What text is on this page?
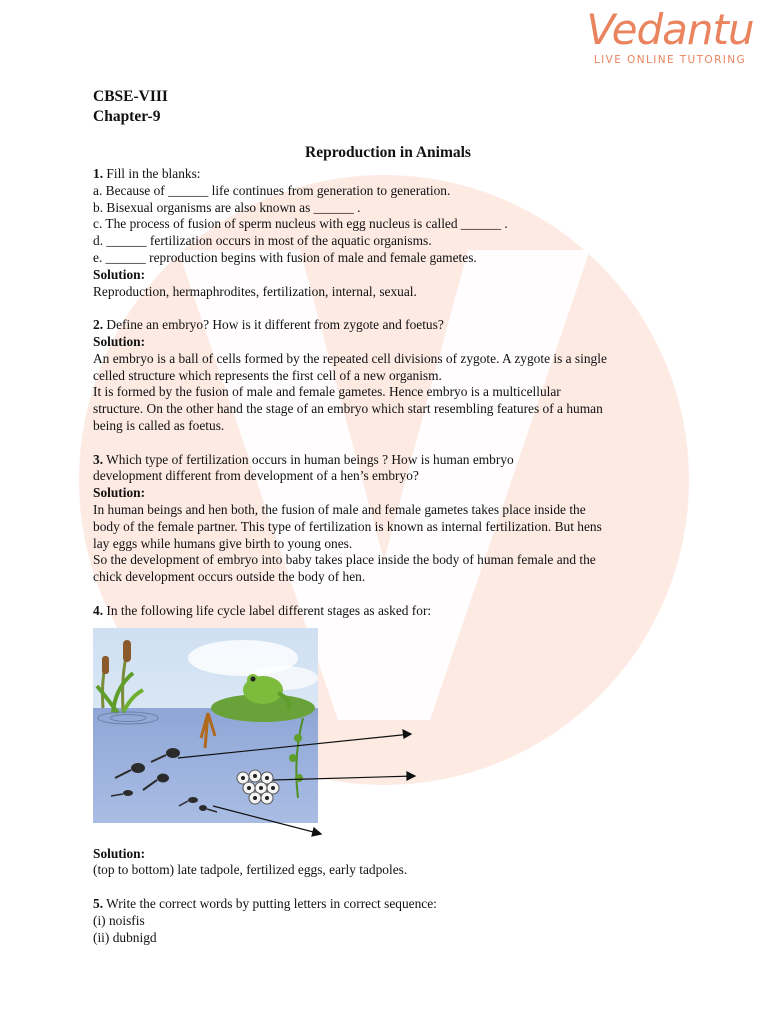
Vedantu
LIVE ONLINE TUTORING
CBSE-VIII
Chapter-9
Reproduction in Animals
1. Fill in the blanks:
a. Because of ______ life continues from generation to generation.
b. Bisexual organisms are also known as ______ .
c. The process of fusion of sperm nucleus with egg nucleus is called ______ .
d. ______ fertilization occurs in most of the aquatic organisms.
e. ______ reproduction begins with fusion of male and female gametes.
Solution:
Reproduction, hermaphrodites, fertilization, internal, sexual.
2. Define an embryo? How is it different from zygote and foetus?
Solution:
An embryo is a ball of cells formed by the repeated cell divisions of zygote. A zygote is a single
celled structure which represents the first cell of a new organism.
It is formed by the fusion of male and female gametes. Hence embryo is a multicellular
structure. On the other hand the stage of an embryo which start resembling features of a human
being is called as foetus.
3. Which type of fertilization occurs in human beings ? How is human embryo
development different from development of a hen’s embryo?
Solution:
In human beings and hen both, the fusion of male and female gametes takes place inside the
body of the female partner. This type of fertilization is known as internal fertilization. But hens
lay eggs while humans give birth to young ones.
So the development of embryo into baby takes place inside the body of human female and the
chick development occurs outside the body of hen.
4. In the following life cycle label different stages as asked for:
Solution:
(top to bottom) late tadpole, fertilized eggs, early tadpoles.
5. Write the correct words by putting letters in correct sequence:
(i) noisfis
(ii) dubnigd
